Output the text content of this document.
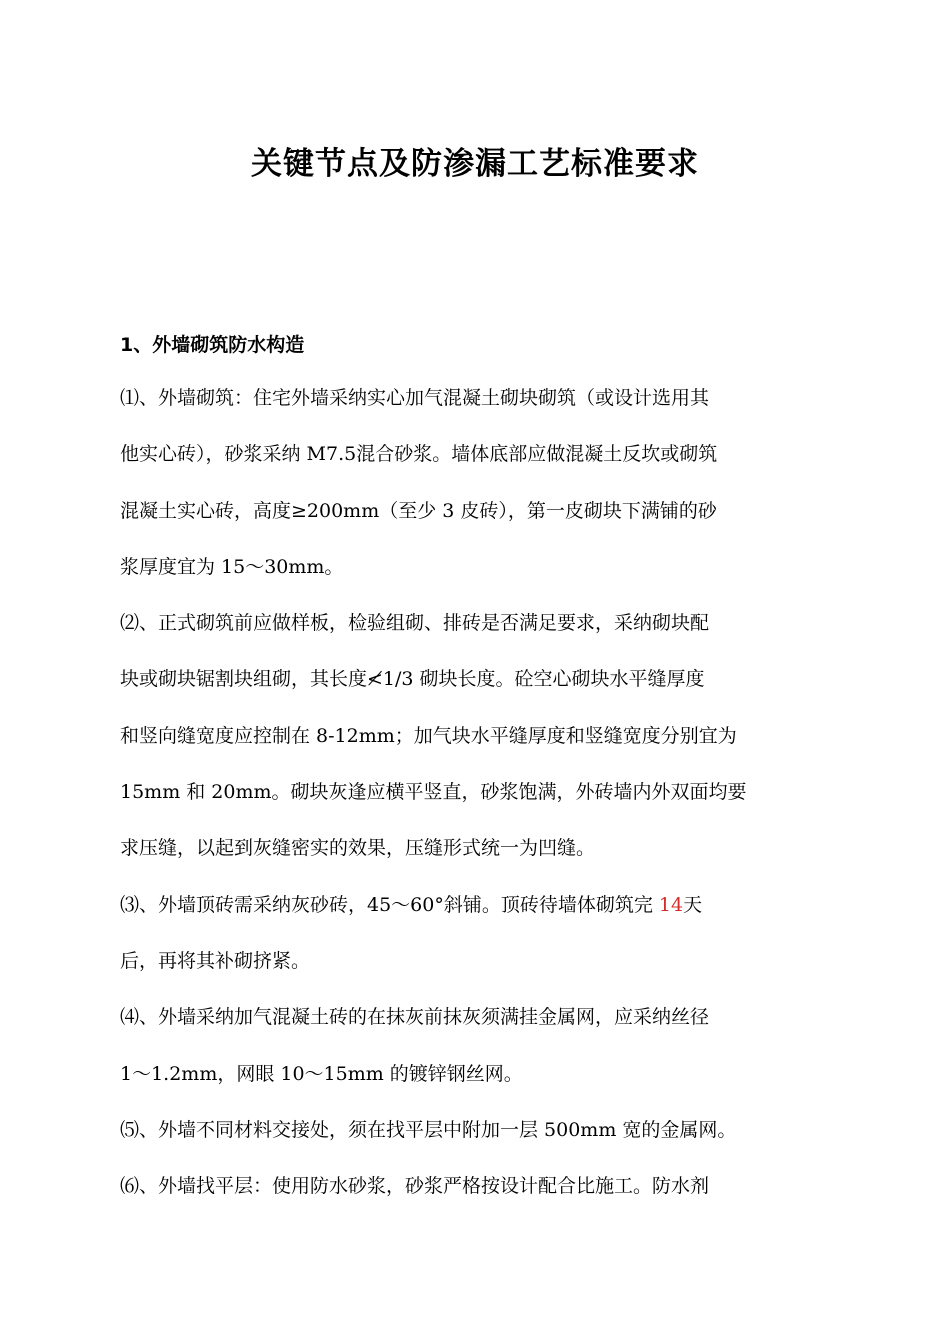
关键节点及防渗漏工艺标准要求
1、外墙砌筑防水构造
⑴、外墙砌筑：住宅外墙采纳实心加气混凝土砌块砌筑（或设计选用其
他实心砖），砂浆采纳 M7.5混合砂浆。墙体底部应做混凝土反坎或砌筑
混凝土实心砖，高度≥200mm（至少 3 皮砖），第一皮砌块下满铺的砂
浆厚度宜为 15～30mm。
⑵、正式砌筑前应做样板，检验组砌、排砖是否满足要求，采纳砌块配
块或砌块锯割块组砌，其长度≮1/3 砌块长度。砼空心砌块水平缝厚度
和竖向缝宽度应控制在 8-12mm；加气块水平缝厚度和竖缝宽度分别宜为
15mm 和 20mm。砌块灰逢应横平竖直，砂浆饱满，外砖墙内外双面均要
求压缝，以起到灰缝密实的效果，压缝形式统一为凹缝。
⑶、外墙顶砖需采纳灰砂砖，45～60°斜铺。顶砖待墙体砌筑完 14天
后，再将其补砌挤紧。
⑷、外墙采纳加气混凝土砖的在抹灰前抹灰须满挂金属网，应采纳丝径
1～1.2mm，网眼 10～15mm 的镀锌钢丝网。
⑸、外墙不同材料交接处，须在找平层中附加一层 500mm 宽的金属网。
⑹、外墙找平层：使用防水砂浆，砂浆严格按设计配合比施工。防水剂
